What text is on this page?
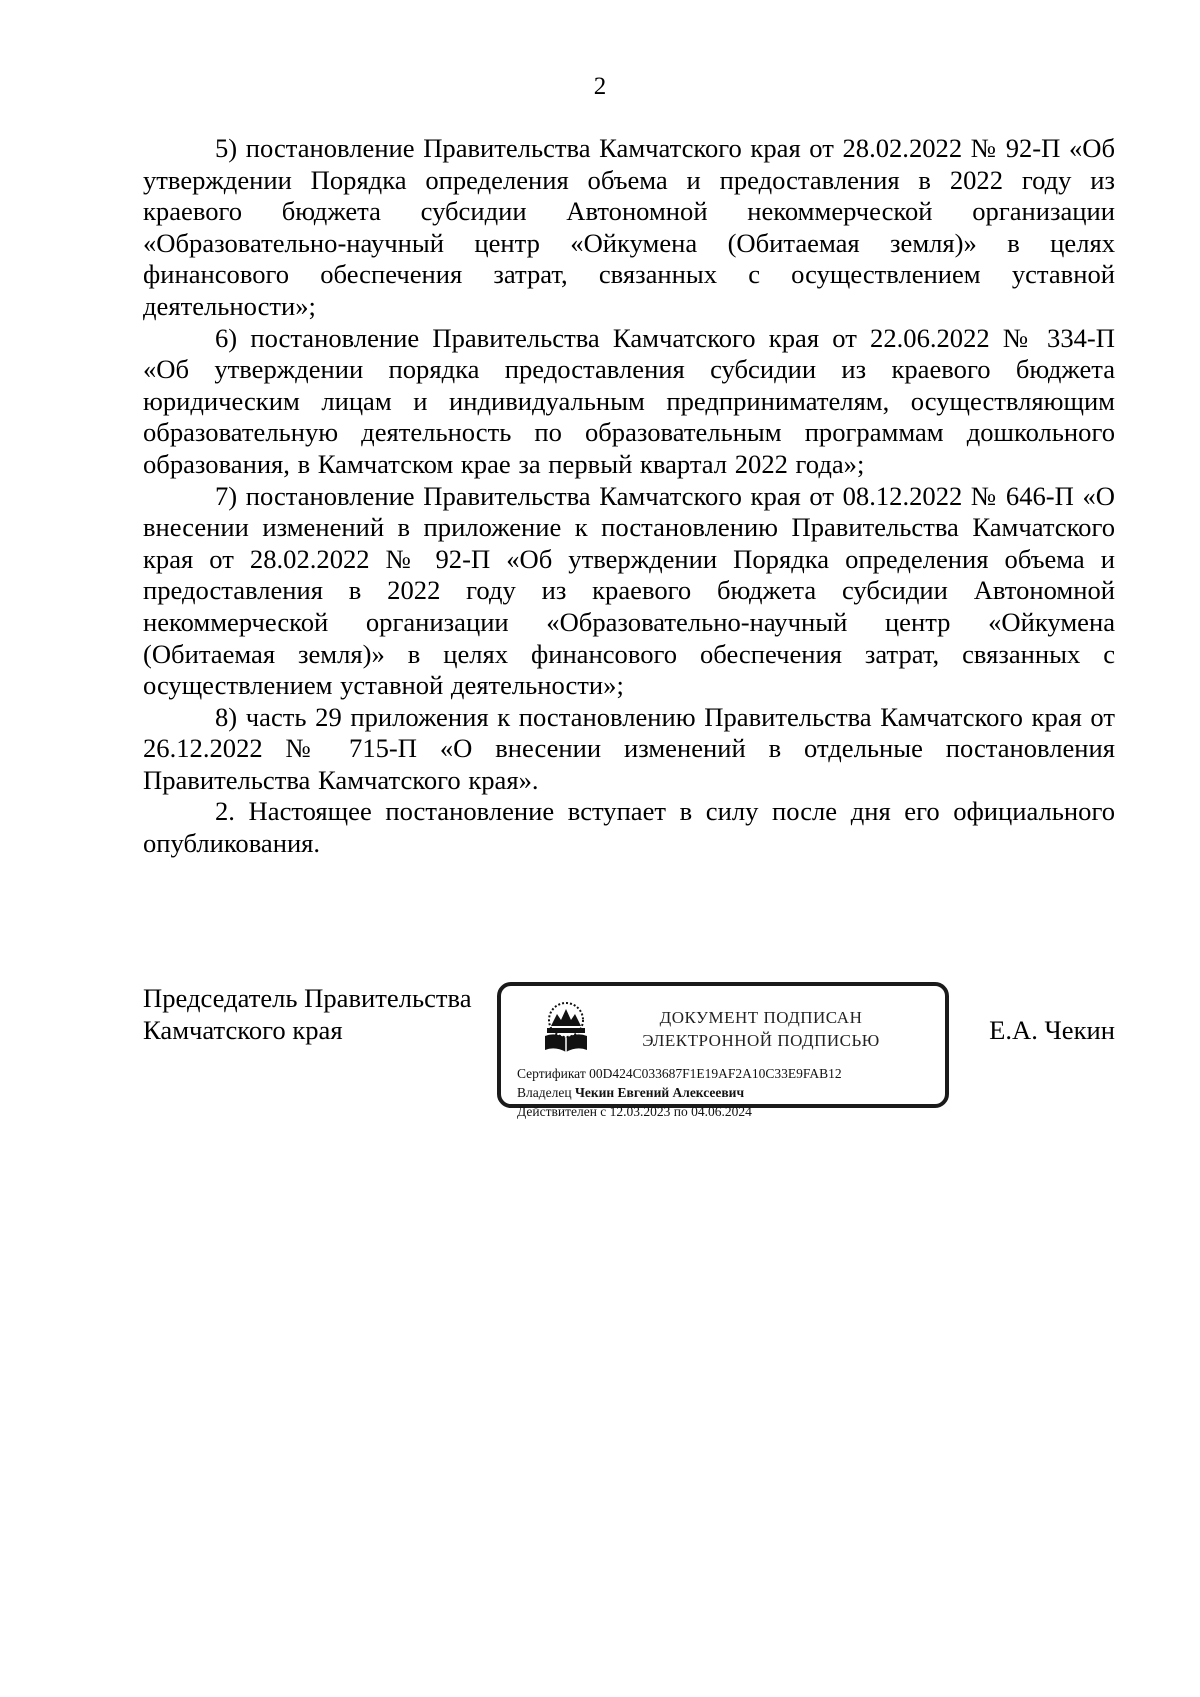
2

5) постановление Правительства Камчатского края от 28.02.2022 № 92-П «Об утверждении Порядка определения объема и предоставления в 2022 году из краевого бюджета субсидии Автономной некоммерческой организации «Образовательно-научный центр «Ойкумена (Обитаемая земля)» в целях финансового обеспечения затрат, связанных с осуществлением уставной деятельности»;

6) постановление Правительства Камчатского края от 22.06.2022 № 334-П «Об утверждении порядка предоставления субсидии из краевого бюджета юридическим лицам и индивидуальным предпринимателям, осуществляющим образовательную деятельность по образовательным программам дошкольного образования, в Камчатском крае за первый квартал 2022 года»;

7) постановление Правительства Камчатского края от 08.12.2022 № 646-П «О внесении изменений в приложение к постановлению Правительства Камчатского края от 28.02.2022 № 92-П «Об утверждении Порядка определения объема и предоставления в 2022 году из краевого бюджета субсидии Автономной некоммерческой организации «Образовательно-научный центр «Ойкумена (Обитаемая земля)» в целях финансового обеспечения затрат, связанных с осуществлением уставной деятельности»;

8) часть 29 приложения к постановлению Правительства Камчатского края от 26.12.2022 № 715-П «О внесении изменений в отдельные постановления Правительства Камчатского края».

2. Настоящее постановление вступает в силу после дня его официального опубликования.

Председатель Правительства
Камчатского края	ДОКУМЕНТ ПОДПИСАН
ЭЛЕКТРОННОЙ ПОДПИСЬЮ
Сертификат 00D424C033687F1E19AF2A10C33E9FAB12
Владелец Чекин Евгений Алексеевич
Действителен с 12.03.2023 по 04.06.2024
Е.А. Чекин
